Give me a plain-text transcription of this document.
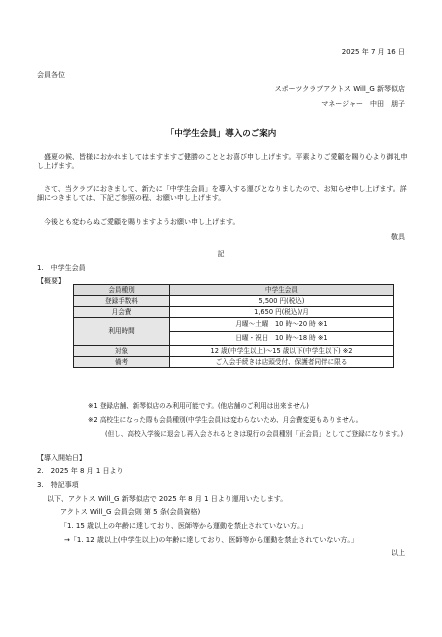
2025 年 7 月 16 日
会員各位
スポーツクラブアクトス Will_G 新琴似店
マネージャー　中田　朋子
「中学生会員」導入のご案内
盛夏の候、皆様におかれましてはますますご健勝のこととお喜び申し上げます。平素よりご愛顧を賜り心より御礼申し上げます。
さて、当クラブにおきまして、新たに「中学生会員」を導入する運びとなりましたので、お知らせ申し上げます。詳細につきましては、下記ご参照の程、お願い申し上げます。
今後とも変わらぬご愛顧を賜りますようお願い申し上げます。
敬具
記
1.　中学生会員
【概要】
会員種別	中学生会員
登録手数料	5,500 円(税込)
月会費	1,650 円(税込)/月
利用時間	月曜～土曜　10 時～20 時 ※1
	日曜・祝日　10 時～18 時 ※1
対象	12 歳(中学生以上)～15 歳以下(中学生以下) ※2
備考	ご入会手続きは店頭受付、保護者同伴に限る
※1 登録店舗、新琴似店のみ利用可能です。(他店舗のご利用は出来ません)
※2 高校生になった際も会員種別(中学生会員)は変わらないため、月会費変更もありません。
(但し、高校入学後に退会し再入会されるときは現行の会員種別「正会員」としてご登録になります。)
【導入開始日】
2.　2025 年 8 月 1 日より
3.　特記事項
以下、アクトス Will_G 新琴似店で 2025 年 8 月 1 日より運用いたします。
アクトス Will_G 会員会則 第 5 条(会員資格)
「1. 15 歳以上の年齢に達しており、医師等から運動を禁止されていない方。」
→「1. 12 歳以上(中学生以上)の年齢に達しており、医師等から運動を禁止されていない方。」
以上
